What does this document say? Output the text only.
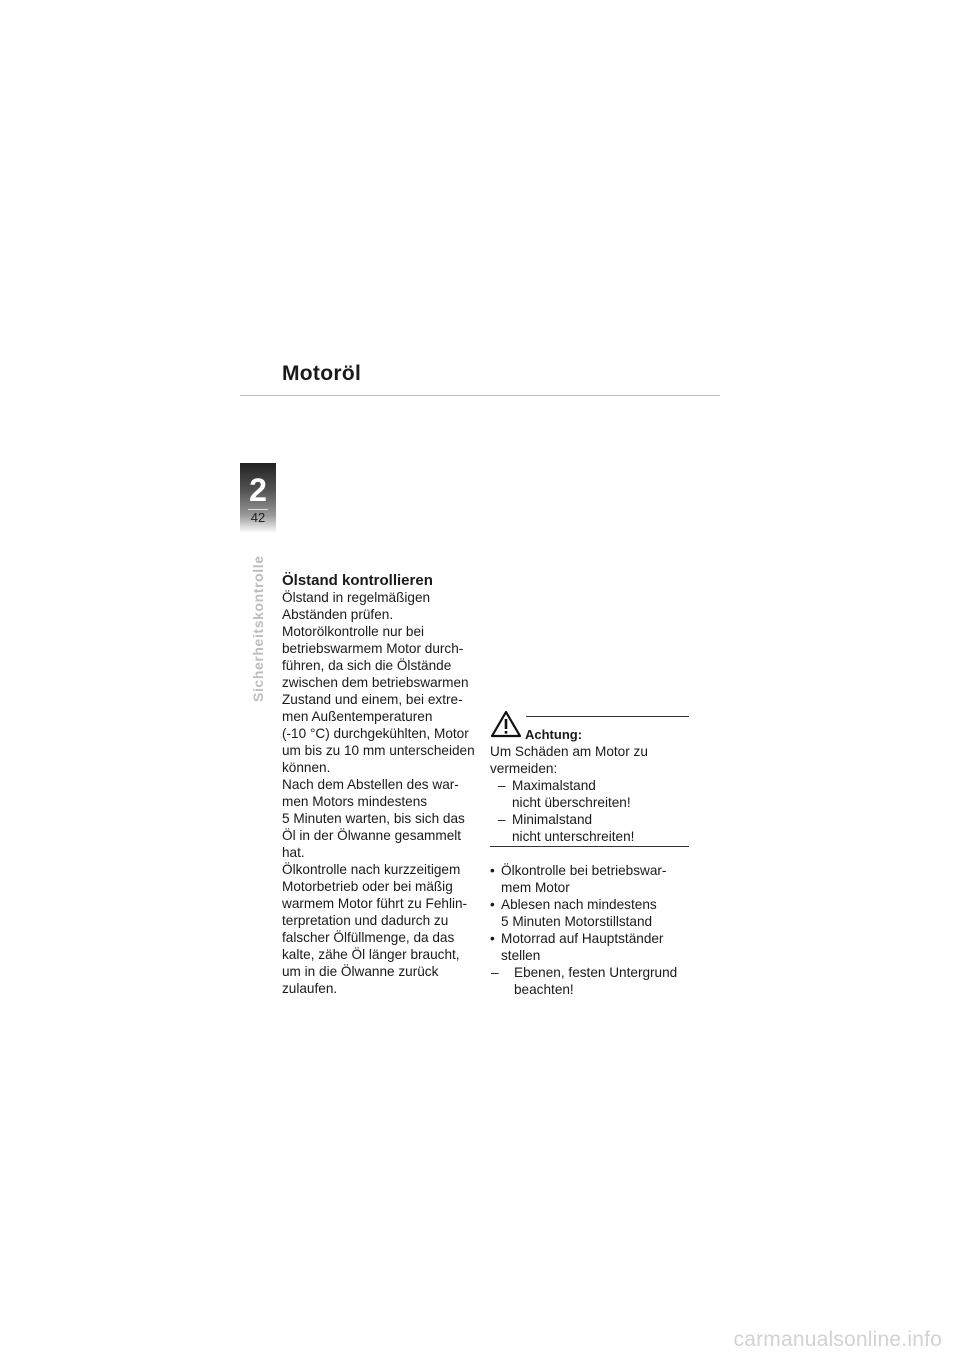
Motoröl
2
42
Sicherheitskontrolle Ölstand kontrollieren

Ölstand in regelmäßigen
Abständen prüfen.

Motorölkontrolle nur bei
betriebswarmem Motor durch-
führen, da sich die Ölstände
zwischen dem betriebswarmen
Zustand und einem, bei extre-
men Außentemperaturen
(-10 °C) durchgekühlten, Motor
um bis zu 10 mm unterscheiden
können.

Nach dem Abstellen des war-
men Motors mindestens
5 Minuten warten, bis sich das
Öl in der Ölwanne gesammelt
hat.

Ölkontrolle nach kurzzeitigem
Motorbetrieb oder bei mäßig
warmem Motor führt zu Fehlin-
terpretation und dadurch zu
falscher Ölfüllmenge, da das
kalte, zähe Öl länger braucht,
um in die Ölwanne zurück
zulaufen.

Achtung:

Um Schäden am Motor zu vermeiden:

– Maximalstand
nicht überschreiten!
– Minimalstand
nicht unterschreiten!
• Ölkontrolle bei betriebswar-
mem Motor
• Ablesen nach mindestens
5 Minuten Motorstillstand
• Motorrad auf Hauptständer
stellen
– Ebenen, festen Untergrund
beachten!
carmanualsonline.info
